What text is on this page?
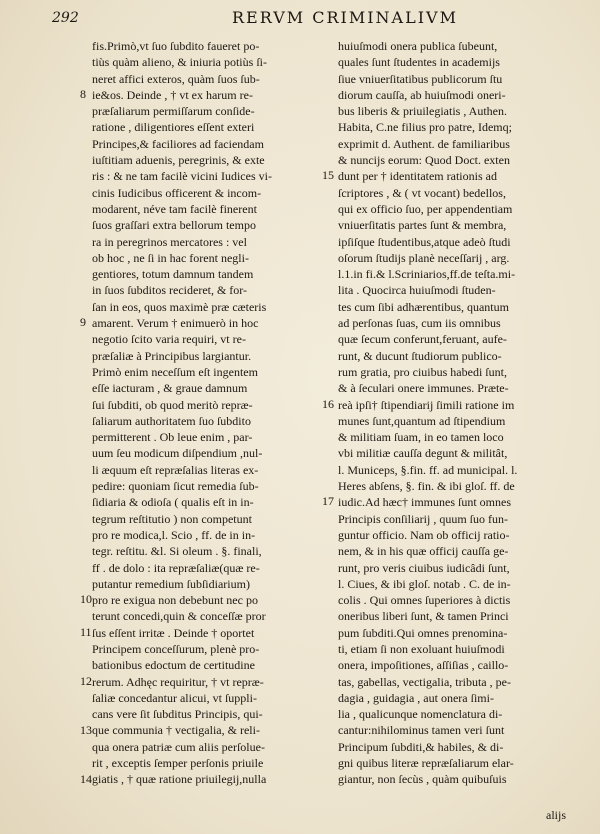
292	RERVM CRIMINALIVM
fis.Primò,vt ſuo ſubdito faueret po-
tiùs quàm alieno, & iniuria potiùs ſi-
neret affici exteros, quàm ſuos ſub-
ie&os. Deinde , † vt ex harum re-
præſaliarum permiſſarum conſide-
ratione , diligentiores eſſent exteri
Principes,& faciliores ad faciendam
iuſtitiam aduenis, peregrinis, & exte
ris : & ne tam facilè vicini Iudices vi-
cinis Iudicibus officerent & incom-
modarent, néve tam facilè finerent
ſuos graſſari extra bellorum tempo
ra in peregrinos mercatores : vel
ob hoc , ne ſi in hac forent negli-
gentiores, totum damnum tandem
in ſuos ſubditos recideret, & for-
ſan in eos, quos maximè præ cæteris
amarent. Verum † enimuerò in hoc
negotio ſcito varia requiri, vt re-
præſaliæ à Principibus largiantur.
Primò enim neceſſum eſt ingentem
eſſe iacturam , & graue damnum
ſui ſubditi, ob quod meritò repræ-
ſaliarum authoritatem ſuo ſubdito
permitterent . Ob leue enim , par-
uum ſeu modicum diſpendium ,nul-
li æquum eſt repræſalias literas ex-
pedire: quoniam ſicut remedia ſub-
ſidiaria & odioſa ( qualis eſt in in-
tegrum reſtitutio ) non competunt
pro re modica,l. Scio , ff. de in in-
tegr. reſtitu. &l. Si oleum . §. finali,
ff . de dolo : ita repræſaliæ(quæ re-
putantur remedium ſubſidiarium)
pro re exigua non debebunt nec po
terunt concedi,quin & conceſſæ pror
ſus eſſent irritæ . Deinde † oportet
Principem conceſſurum, plenè pro-
bationibus edoctum de certitudine
rerum. Adhęc requiritur, † vt repræ-
ſaliæ concedantur alicui, vt ſuppli-
cans vere ſit ſubditus Principis, qui-
que communia † vectigalia, & reli-
qua onera patriæ cum aliis perſolue-
rit , exceptis ſemper perſonis priuile
giatis , † quæ ratione priuilegij,nulla
huiuſmodi onera publica ſubeunt,
quales ſunt ſtudentes in academijs
ſiue vniuerſitatibus publicorum ſtu
diorum cauſſa, ab huiuſmodi oneri-
bus liberis & priuilegiatis , Authen.
Habita, C.ne filius pro patre, Idemq;
exprimit d. Authent. de familiaribus
& nuncijs eorum: Quod Doct. exten
dunt per † identitatem rationis ad
ſcriptores , & ( vt vocant) bedellos,
qui ex officio ſuo, per appendentiam
vniuerſitatis partes ſunt & membra,
ipſiſque ſtudentibus,atque adeò ſtudi
oſorum ſtudijs planè neceſſarij , arg.
l.1.in fi.& l.Scriniarios,ff.de teſta.mi-
lita . Quocirca huiuſmodi ſtuden-
tes cum ſibi adhærentibus, quantum
ad perſonas ſuas, cum iis omnibus
quæ ſecum conferunt,feruant, aufe-
runt, & ducunt ſtudiorum publico-
rum gratia, pro ciuibus habedi ſunt,
& à ſeculari onere immunes. Præte-
reà ipſi† ſtipendiarij ſimili ratione im
munes ſunt,quantum ad ſtipendium
& militiam ſuam, in eo tamen loco
vbi militiæ cauſſa degunt & militât,
l. Municeps, §.fin. ff. ad municipal. l.
Heres abſens, §. fin. & ibi gloſ. ff. de
iudic.Ad hæc† immunes ſunt omnes
Principis conſiliarij , quum ſuo fun-
guntur officio. Nam ob officij ratio-
nem, & in his quæ officij cauſſa ge-
runt, pro veris ciuibus iudicâdi ſunt,
l. Ciues, & ibi gloſ. notab . C. de in-
colis . Qui omnes ſuperiores à dictis
oneribus liberi ſunt, & tamen Princi
pum ſubditi.Qui omnes prenomina-
ti, etiam ſi non exoluant huiuſmodi
onera, impoſitiones, aſſiſias , caillo-
tas, gabellas, vectigalia, tributa , pe-
dagia , guidagia , aut onera ſimi-
lia , qualicunque nomenclatura di-
cantur:nihilominus tamen veri ſunt
Principum ſubditi,& habiles, & di-
gni quibus literæ repræſaliarum elar-
giantur, non ſecùs , quàm quibuſuis
8
9
10
11
12
13
14
15
16
17
alijs
